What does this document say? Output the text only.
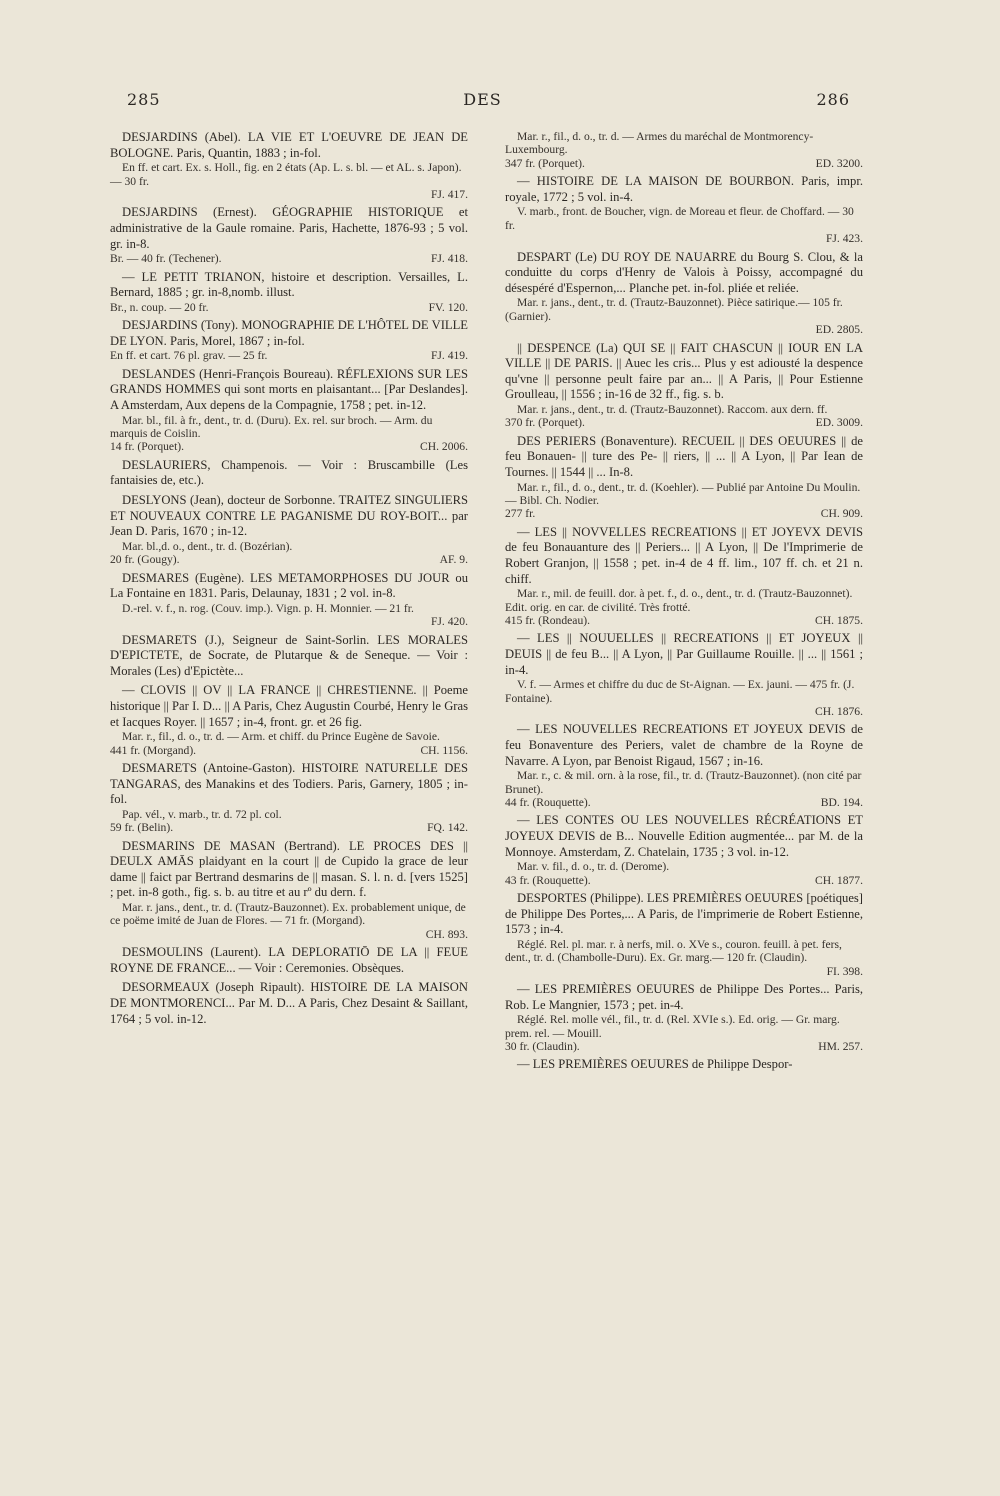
285	DES	286
DESJARDINS (Abel). LA VIE ET L'OEUVRE DE JEAN DE BOLOGNE. Paris, Quantin, 1883 ; in-fol.
En ff. et cart. Ex. s. Holl., fig. en 2 états (Ap. L. s. bl. — et AL. s. Japon). — 30 fr.
FJ. 417.
DESJARDINS (Ernest). GÉOGRAPHIE HISTORIQUE et administrative de la Gaule romaine. Paris, Hachette, 1876-93 ; 5 vol. gr. in-8.
Br. — 40 fr. (Techener).	FJ. 418.
— LE PETIT TRIANON, histoire et description. Versailles, L. Bernard, 1885 ; gr. in-8,nomb. illust.
Br., n. coup. — 20 fr.	FV. 120.
DESJARDINS (Tony). MONOGRAPHIE DE L'HÔTEL DE VILLE DE LYON. Paris, Morel, 1867 ; in-fol.
En ff. et cart. 76 pl. grav. — 25 fr.	FJ. 419.
DESLANDES (Henri-François Boureau). RÉFLEXIONS SUR LES GRANDS HOMMES qui sont morts en plaisantant... [Par Deslandes]. A Amsterdam, Aux depens de la Compagnie, 1758 ; pet. in-12.
Mar. bl., fil. à fr., dent., tr. d. (Duru). Ex. rel. sur broch. — Arm. du marquis de Coislin.
14 fr. (Porquet).	CH. 2006.
DESLAURIERS, Champenois. — Voir : Bruscambille (Les fantaisies de, etc.).
DESLYONS (Jean), docteur de Sorbonne. TRAITEZ SINGULIERS ET NOUVEAUX CONTRE LE PAGANISME DU ROY-BOIT... par Jean D. Paris, 1670 ; in-12.
Mar. bl.,d. o., dent., tr. d. (Bozérian).
20 fr. (Gougy).	AF. 9.
DESMARES (Eugène). LES METAMORPHOSES DU JOUR ou La Fontaine en 1831. Paris, Delaunay, 1831 ; 2 vol. in-8.
D.-rel. v. f., n. rog. (Couv. imp.). Vign. p. H. Monnier. — 21 fr.
FJ. 420.
DESMARETS (J.), Seigneur de Saint-Sorlin. LES MORALES D'EPICTETE, de Socrate, de Plutarque & de Seneque. — Voir : Morales (Les) d'Epictète...
— CLOVIS || OV || LA FRANCE || CHRESTIENNE. || Poeme historique || Par I. D... || A Paris, Chez Augustin Courbé, Henry le Gras et Iacques Royer. || 1657 ; in-4, front. gr. et 26 fig.
Mar. r., fil., d. o., tr. d. — Arm. et chiff. du Prince Eugène de Savoie.
441 fr. (Morgand).	CH. 1156.
DESMARETS (Antoine-Gaston). HISTOIRE NATURELLE DES TANGARAS, des Manakins et des Todiers. Paris, Garnery, 1805 ; in-fol.
Pap. vél., v. marb., tr. d. 72 pl. col.
59 fr. (Belin).	FQ. 142.
DESMARINS DE MASAN (Bertrand). LE PROCES DES || DEULX AMĀS plaidyant en la court || de Cupido la grace de leur dame || faict par Bertrand desmarins de || masan. S. l. n. d. [vers 1525] ; pet. in-8 goth., fig. s. b. au titre et au rº du dern. f.
Mar. r. jans., dent., tr. d. (Trautz-Bauzonnet). Ex. probablement unique, de ce poëme imité de Juan de Flores. — 71 fr. (Morgand).
CH. 893.
DESMOULINS (Laurent). LA DEPLORATIŌ DE LA || FEUE ROYNE DE FRANCE... — Voir : Ceremonies. Obsèques.
DESORMEAUX (Joseph Ripault). HISTOIRE DE LA MAISON DE MONTMORENCI... Par M. D... A Paris, Chez Desaint & Saillant, 1764 ; 5 vol. in-12.
Mar. r., fil., d. o., tr. d. — Armes du maréchal de Montmorency-Luxembourg.
347 fr. (Porquet).	ED. 3200.
— HISTOIRE DE LA MAISON DE BOURBON. Paris, impr. royale, 1772 ; 5 vol. in-4.
V. marb., front. de Boucher, vign. de Moreau et fleur. de Choffard. — 30 fr.
FJ. 423.
DESPART (Le) DU ROY DE NAUARRE du Bourg S. Clou, & la conduitte du corps d'Henry de Valois à Poissy, accompagné du désespéré d'Espernon,... Planche pet. in-fol. pliée et reliée.
Mar. r. jans., dent., tr. d. (Trautz-Bauzonnet). Pièce satirique.— 105 fr. (Garnier).
ED. 2805.
|| DESPENCE (La) QUI SE || FAIT CHASCUN || IOUR EN LA VILLE || DE PARIS. || Auec les cris... Plus y est adiousté la despence qu'vne || personne peult faire par an... || A Paris, || Pour Estienne Groulleau, || 1556 ; in-16 de 32 ff., fig. s. b.
Mar. r. jans., dent., tr. d. (Trautz-Bauzonnet). Raccom. aux dern. ff.
370 fr. (Porquet).	ED. 3009.
DES PERIERS (Bonaventure). RECUEIL || DES OEUURES || de feu Bonauen- || ture des Pe- || riers, || ... || A Lyon, || Par Iean de Tournes. || 1544 || ... In-8.
Mar. r., fil., d. o., dent., tr. d. (Koehler). — Publié par Antoine Du Moulin. — Bibl. Ch. Nodier.
277 fr.	CH. 909.
— LES || NOVVELLES RECREATIONS || ET JOYEVX DEVIS de feu Bonauanture des || Periers... || A Lyon, || De l'Imprimerie de Robert Granjon, || 1558 ; pet. in-4 de 4 ff. lim., 107 ff. ch. et 21 n. chiff.
Mar. r., mil. de feuill. dor. à pet. f., d. o., dent., tr. d. (Trautz-Bauzonnet). Edit. orig. en car. de civilité. Très frotté.
415 fr. (Rondeau).	CH. 1875.
— LES || NOUUELLES || RECREATIONS || ET JOYEUX || DEUIS || de feu B... || A Lyon, || Par Guillaume Rouille. || ... || 1561 ; in-4.
V. f. — Armes et chiffre du duc de St-Aignan. — Ex. jauni. — 475 fr. (J. Fontaine).
CH. 1876.
— LES NOUVELLES RECREATIONS ET JOYEUX DEVIS de feu Bonaventure des Periers, valet de chambre de la Royne de Navarre. A Lyon, par Benoist Rigaud, 1567 ; in-16.
Mar. r., c. & mil. orn. à la rose, fil., tr. d. (Trautz-Bauzonnet). (non cité par Brunet).
44 fr. (Rouquette).	BD. 194.
— LES CONTES OU LES NOUVELLES RÉCRÉATIONS ET JOYEUX DEVIS de B... Nouvelle Edition augmentée... par M. de la Monnoye. Amsterdam, Z. Chatelain, 1735 ; 3 vol. in-12.
Mar. v. fil., d. o., tr. d. (Derome).
43 fr. (Rouquette).	CH. 1877.
DESPORTES (Philippe). LES PREMIÈRES OEUURES [poétiques] de Philippe Des Portes,... A Paris, de l'imprimerie de Robert Estienne, 1573 ; in-4.
Réglé. Rel. pl. mar. r. à nerfs, mil. o. XVe s., couron. feuill. à pet. fers, dent., tr. d. (Chambolle-Duru). Ex. Gr. marg.— 120 fr. (Claudin).
FI. 398.
— LES PREMIÈRES OEUURES de Philippe Des Portes... Paris, Rob. Le Mangnier, 1573 ; pet. in-4.
Réglé. Rel. molle vél., fil., tr. d. (Rel. XVIe s.). Ed. orig. — Gr. marg. prem. rel. — Mouill.
30 fr. (Claudin).	HM. 257.
— LES PREMIÈRES OEUURES de Philippe Despor-
